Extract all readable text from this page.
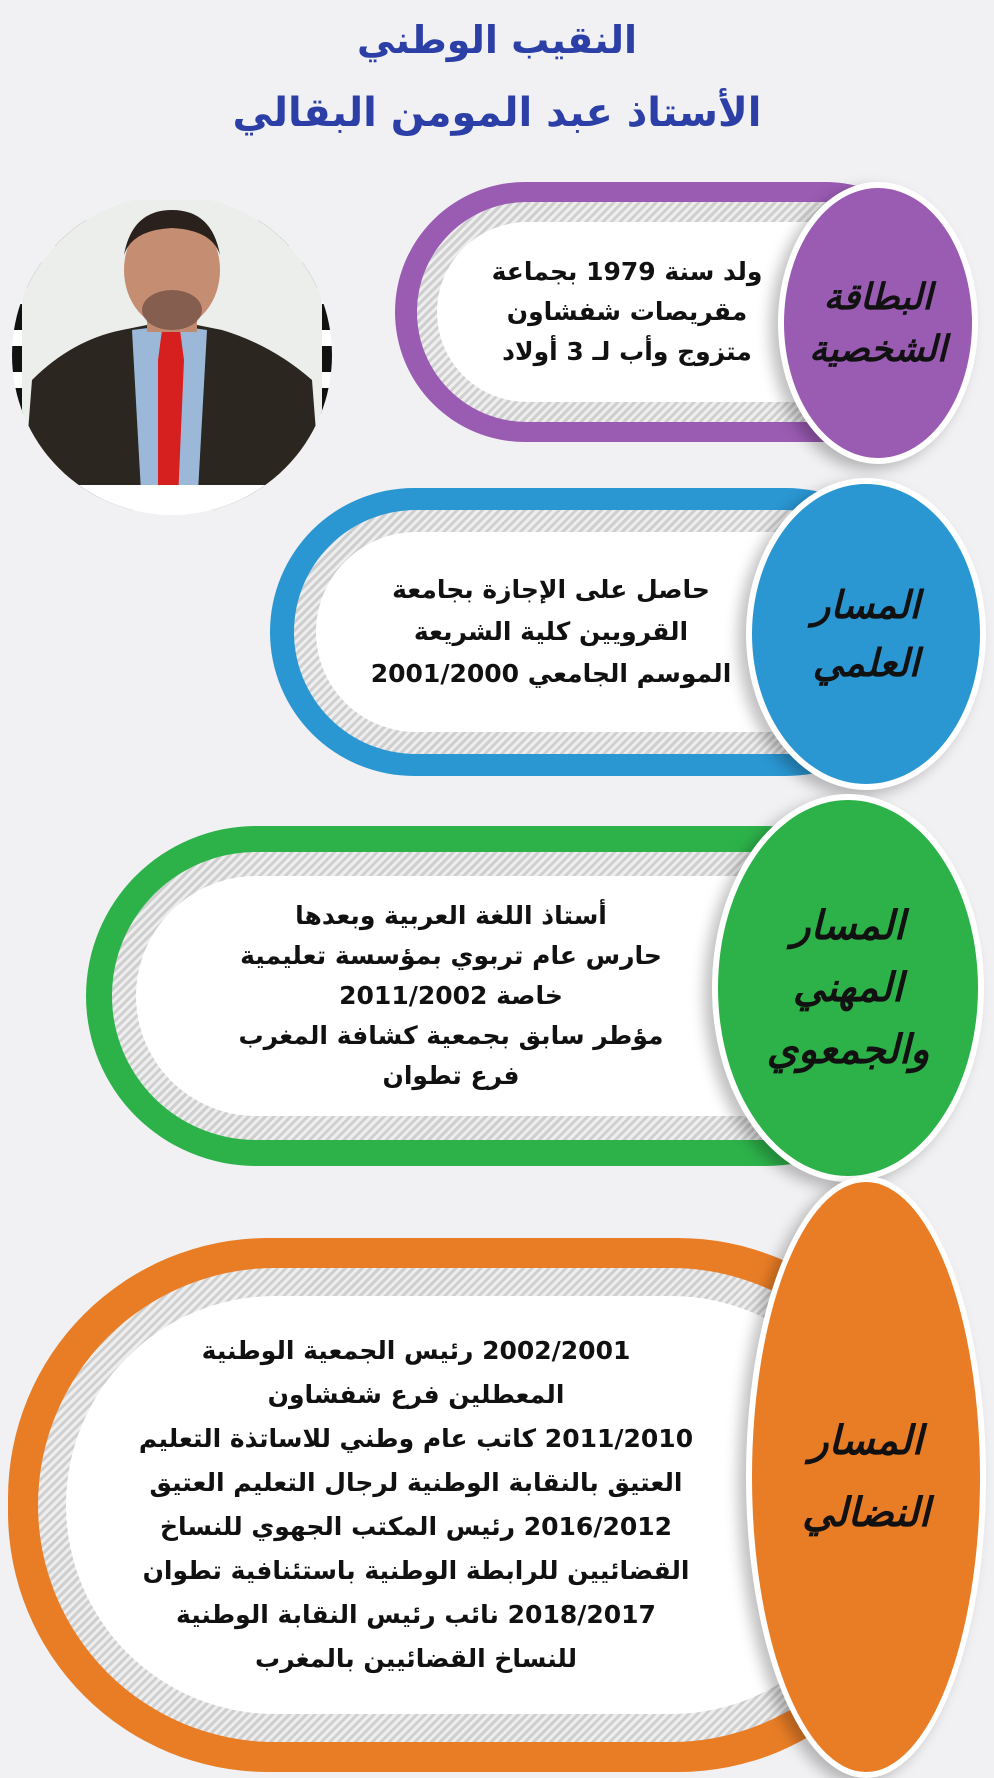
النقيب الوطني
الأستاذ عبد المومن البقالي
ولد سنة 1979 بجماعة
مقريصات شفشاون
متزوج وأب لـ 3 أولاد
البطاقة
الشخصية
حاصل على الإجازة بجامعة
القرويين كلية الشريعة
الموسم الجامعي 2001/2000
المسار
العلمي
أستاذ اللغة العربية وبعدها
حارس عام تربوي بمؤسسة تعليمية
خاصة 2011/2002
مؤطر سابق بجمعية كشافة المغرب
فرع تطوان
المسار
المهني
والجمعوي
2002/2001 رئيس الجمعية الوطنية
المعطلين فرع شفشاون
2011/2010 كاتب عام وطني للاساتذة التعليم
العتيق بالنقابة الوطنية لرجال التعليم العتيق
2016/2012 رئيس المكتب الجهوي للنساخ
القضائيين للرابطة الوطنية باستئنافية تطوان
2018/2017 نائب رئيس النقابة الوطنية
للنساخ القضائيين بالمغرب
المسار
النضالي
